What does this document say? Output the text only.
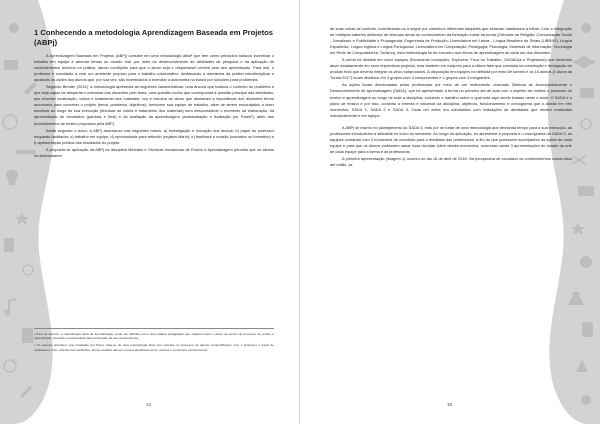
1 Conhecendo a metodologia Aprendizagem Baseada em Projetos (ABPj)

A Aprendizagem Baseada em Projetos (ABPj) consiste em uma metodologia ativa¹ que tem como princípios básicos incentivar o trabalho em equipe e abordar temas do mundo real, por meio do desenvolvimento de atividades de pesquisa e da aplicação de conhecimentos teóricos na prática, dando condições para que o aluno seja o responsável central pelo seu aprendizado. Para isto, o professor é convidado a criar um ambiente propício para o trabalho colaborativo, destacando a relevância da prática interdisciplinar e apoiando as ações dos alunos que, por sua vez, são incentivados a exercitar a autonomia na busca por soluções para problemas.

Segundo Bender (2014), a metodologia apresenta as seguintes características: uma âncora que traduza o contexto do problema e que seja capaz de despertar o interesse dos discentes pelo tema; uma questão motriz que corresponda à questão principal das atividades, que envolve localização, coleta e tratamento dos materiais; voz e escolha do aluno que destacam a importância dos discentes terem autonomia para conceber o projeto (tema, problema, objetivos), formarem sua equipe de trabalho, além de serem encorajados a fazer escolhas ao longo de sua execução (técnicas de coleta e tratamento dos materiais) sem desconsiderar o momento da elaboração, da apresentação de resultados (parciais e final) e da avaliação da aprendizagem (autoavaliação e Avaliação por Pares²); além dos procedimentos de ensino propostos pela ABPj.

Ainda segundo o autor, a ABPj assenta-se nas seguintes bases: a) investigação e inovação dos alunos; b) papel do professor enquanto facilitador; c) trabalho em equipe; d) oportunidade para reflexão (registro diário); e) feedback e revisão (somativo ou formativo) e f) apresentação pública dos resultados do projeto.

A proposta de aplicação da ABPj na disciplina Métodos e Técnicas Inovadoras de Ensino e Aprendizagem permitiu que os alunos se deslocassem

¹ Para os autores, a metodologia ativa de aprendizagem pode ser definida como uma prática pedagógica que objetiva trazer o aluno ao centro do processo de ensino e aprendizado, tornando-o responsável pela construção do seu conhecimento.

² Os autores entendem que Avaliação por Pares trata-se de uma metodologia ativa que consiste no processo de alunos compartilharem com o professor o papel de avaliadores. Com critérios bem definidos, alunos avaliam alunos e juntos identificam erros, acertos e constroem conhecimento

14

de suas zonas de conforto, incentivando-os a seguir por caminhos diferentes daqueles que estavam habituados a trilhar. Com a integração de múltiplos saberes advindos de diversas áreas do conhecimento da formação inicial da turma (Ciências da Religião; Comunicação Social - Jornalismo e Publicidade e Propaganda; Engenharia de Produção; Licenciatura em Letras - Língua Brasileira de Sinais (LIBRAS), Língua Espanhola, Língua Inglesa e Língua Portuguesa; Licenciatura em Computação; Pedagogia; Psicologia; Sistemas de Informação; Tecnologia em Rede de Computadores; Turismo), esta metodologia foi de encontro aos ritmos de aprendizagem de cada um dos discentes.

A turma foi dividida em cinco equipes (Escavando Inovações, Explorers, Foca no Trabalho, OuSADAs e Projetando) que deveriam atuar isoladamente em seus respectivos projetos, mas também em conjunto para a última fase que consistia na construção e divulgação do produto final que deveria integrar os cinco subprodutos. A disposição em equipes foi definida por meio de sorteio e os 18 alunos (1 aluna da Turma 2017) foram divididos em 3 grupos com 4 componentes e 2 grupos com 3 integrantes.

As ações foram direcionadas pelas professoras por meio de um Instrumento chamado Sistema de Acompanhamento e Desenvolvimento de Aprendizagem (SADA), que foi apresentado à turma no primeiro dia de aula com o objetivo de nortear o processo de ensino e aprendizagem ao longo de toda a disciplina, incluindo o trabalho sobre o qual está aqui sendo tratado neste e-book. O SADA é o plano de ensino e por isso, continha a ementa e natureza da disciplina, objetivos, funcionamento e cronograma que o dividia em três momentos: SADA 1, SADA 2 e SADA 3. Cada um deles era subdividido com indicações de atividades que seriam realizadas individualmente e em equipe.

A ABPj se inseriu no planejamento do SADA 3, mas por se tratar de uma metodologia que demanda tempo para a sua execução, as professoras introduziram a atividade no início do semestre. Ao longo da aplicação, eu apresentei a proposta e o cronograma do SADA 3, as equipes contaram com 3 momentos de curadoria para o feedback das professoras, a fim de que pudessem acompanhar as ações de cada equipe e para que os alunos pudessem sanar suas dúvidas. Além destes momentos, ocorreram ainda 3 apresentações do estado da arte de cada equipe para a turma e as professoras.

A primeira apresentação (imagem 1) ocorreu no dia 16 de abril de 2018. Na perspectiva de socializar os conhecimentos construídos até então, as

15
